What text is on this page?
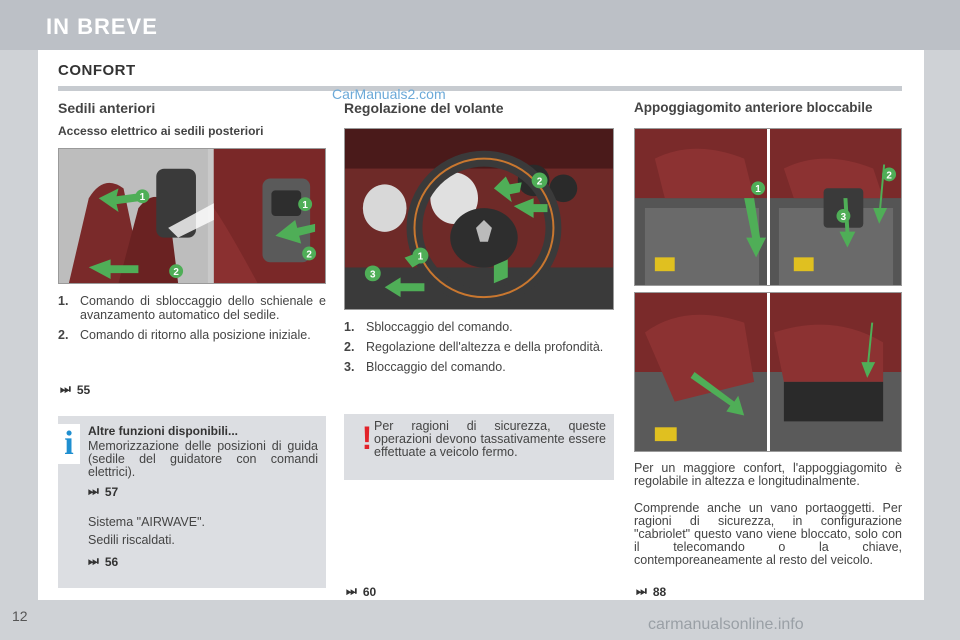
IN BREVE
12
CONFORT
CarManuals2.com
carmanualsonline.info
Sedili anteriori
Accesso elettrico ai sedili posteriori
1
1
2
2
1. Comando di sbloccaggio dello schienale e avanzamento automatico del sedile.
2. Comando di ritorno alla posizione iniziale.
⏭ 55
i	Altre funzioni disponibili...
Memorizzazione delle posizioni di guida (sedile del guidatore con comandi elettrici).
⏭ 57
Sistema "AIRWAVE".
Sedili riscaldati.
⏭ 56
Regolazione del volante
2
1
3
1. Sbloccaggio del comando.
2. Regolazione dell'altezza e della profondità.
3. Bloccaggio del comando.
! Per ragioni di sicurezza, queste operazioni devono tassativamente essere effettuate a veicolo fermo.
⏭ 60
Appoggiagomito anteriore bloccabile
1
3
2
Per un maggiore confort, l'appoggiagomito è regolabile in altezza e longitudinalmente.
Comprende anche un vano portaoggetti. Per ragioni di sicurezza, in configurazione "cabriolet" questo vano viene bloccato, solo con il telecomando o la chiave, contemporeaneamente al resto del veicolo.
⏭ 88
